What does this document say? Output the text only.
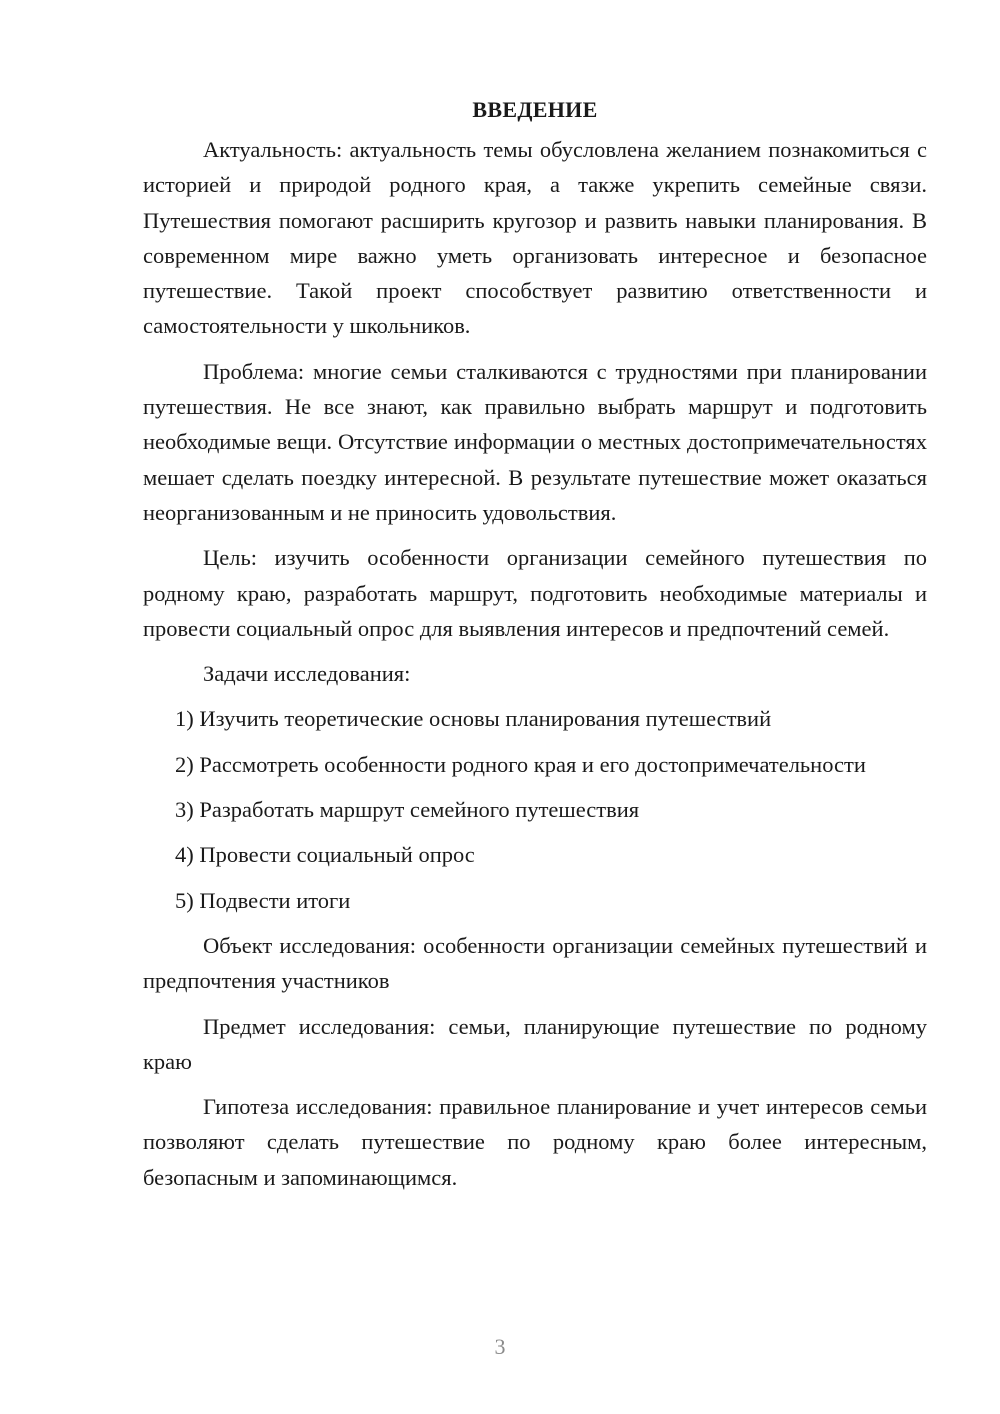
ВВЕДЕНИЕ

Актуальность: актуальность темы обусловлена желанием познакомиться с историей и природой родного края, а также укрепить семейные связи. Путешествия помогают расширить кругозор и развить навыки планирования. В современном мире важно уметь организовать интересное и безопасное путешествие. Такой проект способствует развитию ответственности и самостоятельности у школьников.

Проблема: многие семьи сталкиваются с трудностями при планировании путешествия. Не все знают, как правильно выбрать маршрут и подготовить необходимые вещи. Отсутствие информации о местных достопримечательностях мешает сделать поездку интересной. В результате путешествие может оказаться неорганизованным и не приносить удовольствия.

Цель: изучить особенности организации семейного путешествия по родному краю, разработать маршрут, подготовить необходимые материалы и провести социальный опрос для выявления интересов и предпочтений семей.

Задачи исследования:

1) Изучить теоретические основы планирования путешествий

2) Рассмотреть особенности родного края и его достопримечательности

3) Разработать маршрут семейного путешествия

4) Провести социальный опрос

5) Подвести итоги

Объект исследования: особенности организации семейных путешествий и предпочтения участников

Предмет исследования: семьи, планирующие путешествие по родному краю

Гипотеза исследования: правильное планирование и учет интересов семьи позволяют сделать путешествие по родному краю более интересным, безопасным и запоминающимся.

3
